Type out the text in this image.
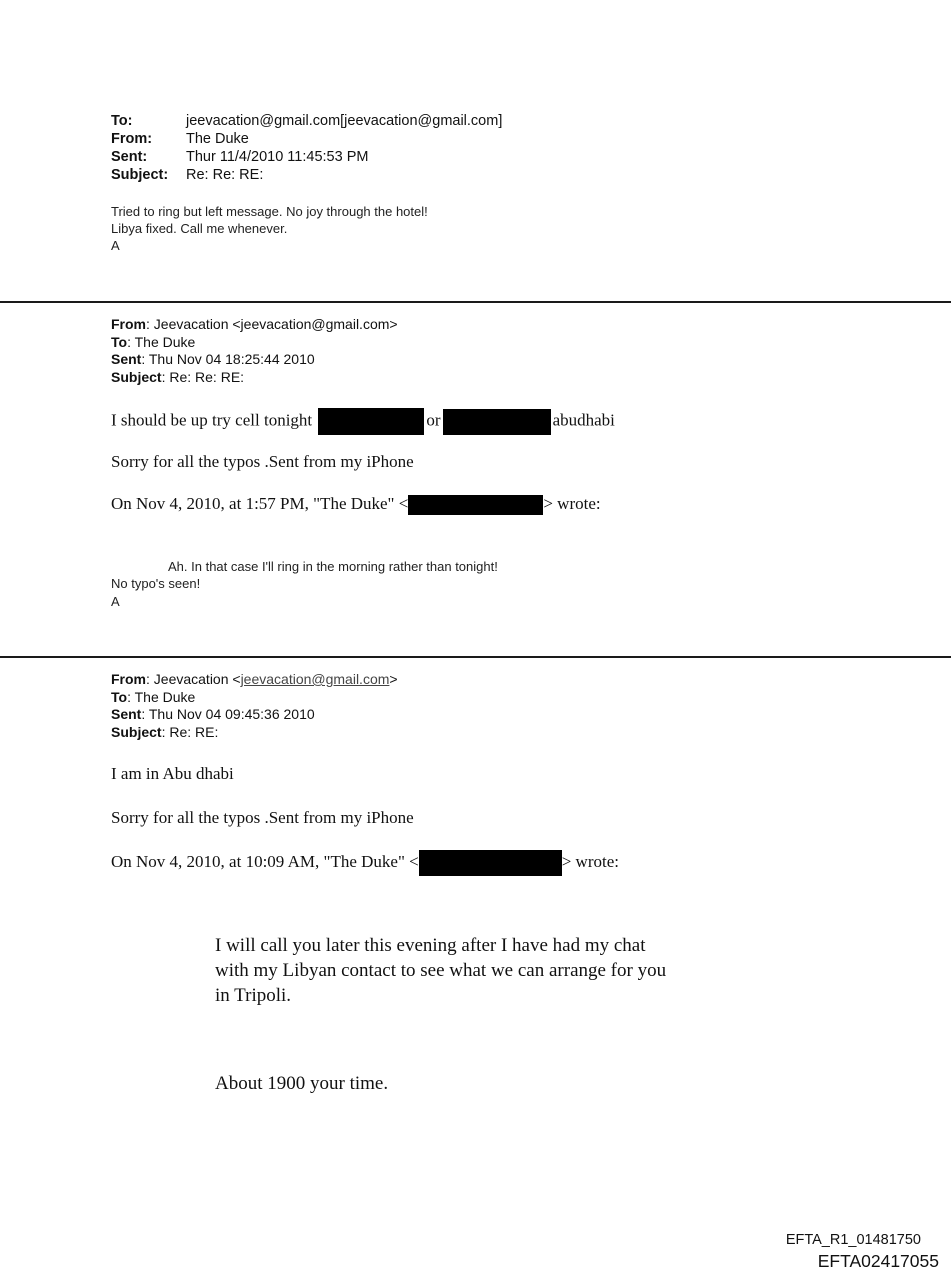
To:	jeevacation@gmail.com[jeevacation@gmail.com]
From:	The Duke
Sent:	Thur 11/4/2010 11:45:53 PM
Subject:	Re: Re: RE:
Tried to ring but left message. No joy through the hotel!
Libya fixed. Call me whenever.
A
From: Jeevacation <jeevacation@gmail.com>
To: The Duke
Sent: Thu Nov 04 18:25:44 2010
Subject: Re: Re: RE:
I should be up try cell tonight	or	abudhabi
Sorry for all the typos .Sent from my iPhone
On Nov 4, 2010, at 1:57 PM, "The Duke" <	> wrote:
Ah. In that case I'll ring in the morning rather than tonight!
No typo's seen!
A
From: Jeevacation <jeevacation@gmail.com>
To: The Duke
Sent: Thu Nov 04 09:45:36 2010
Subject: Re: RE:
I am in Abu dhabi
Sorry for all the typos .Sent from my iPhone
On Nov 4, 2010, at 10:09 AM, "The Duke" <	> wrote:
I will call you later this evening after I have had my chat
with my Libyan contact to see what we can arrange for you
in Tripoli.
About 1900 your time.
EFTA_R1_01481750
EFTA02417055
